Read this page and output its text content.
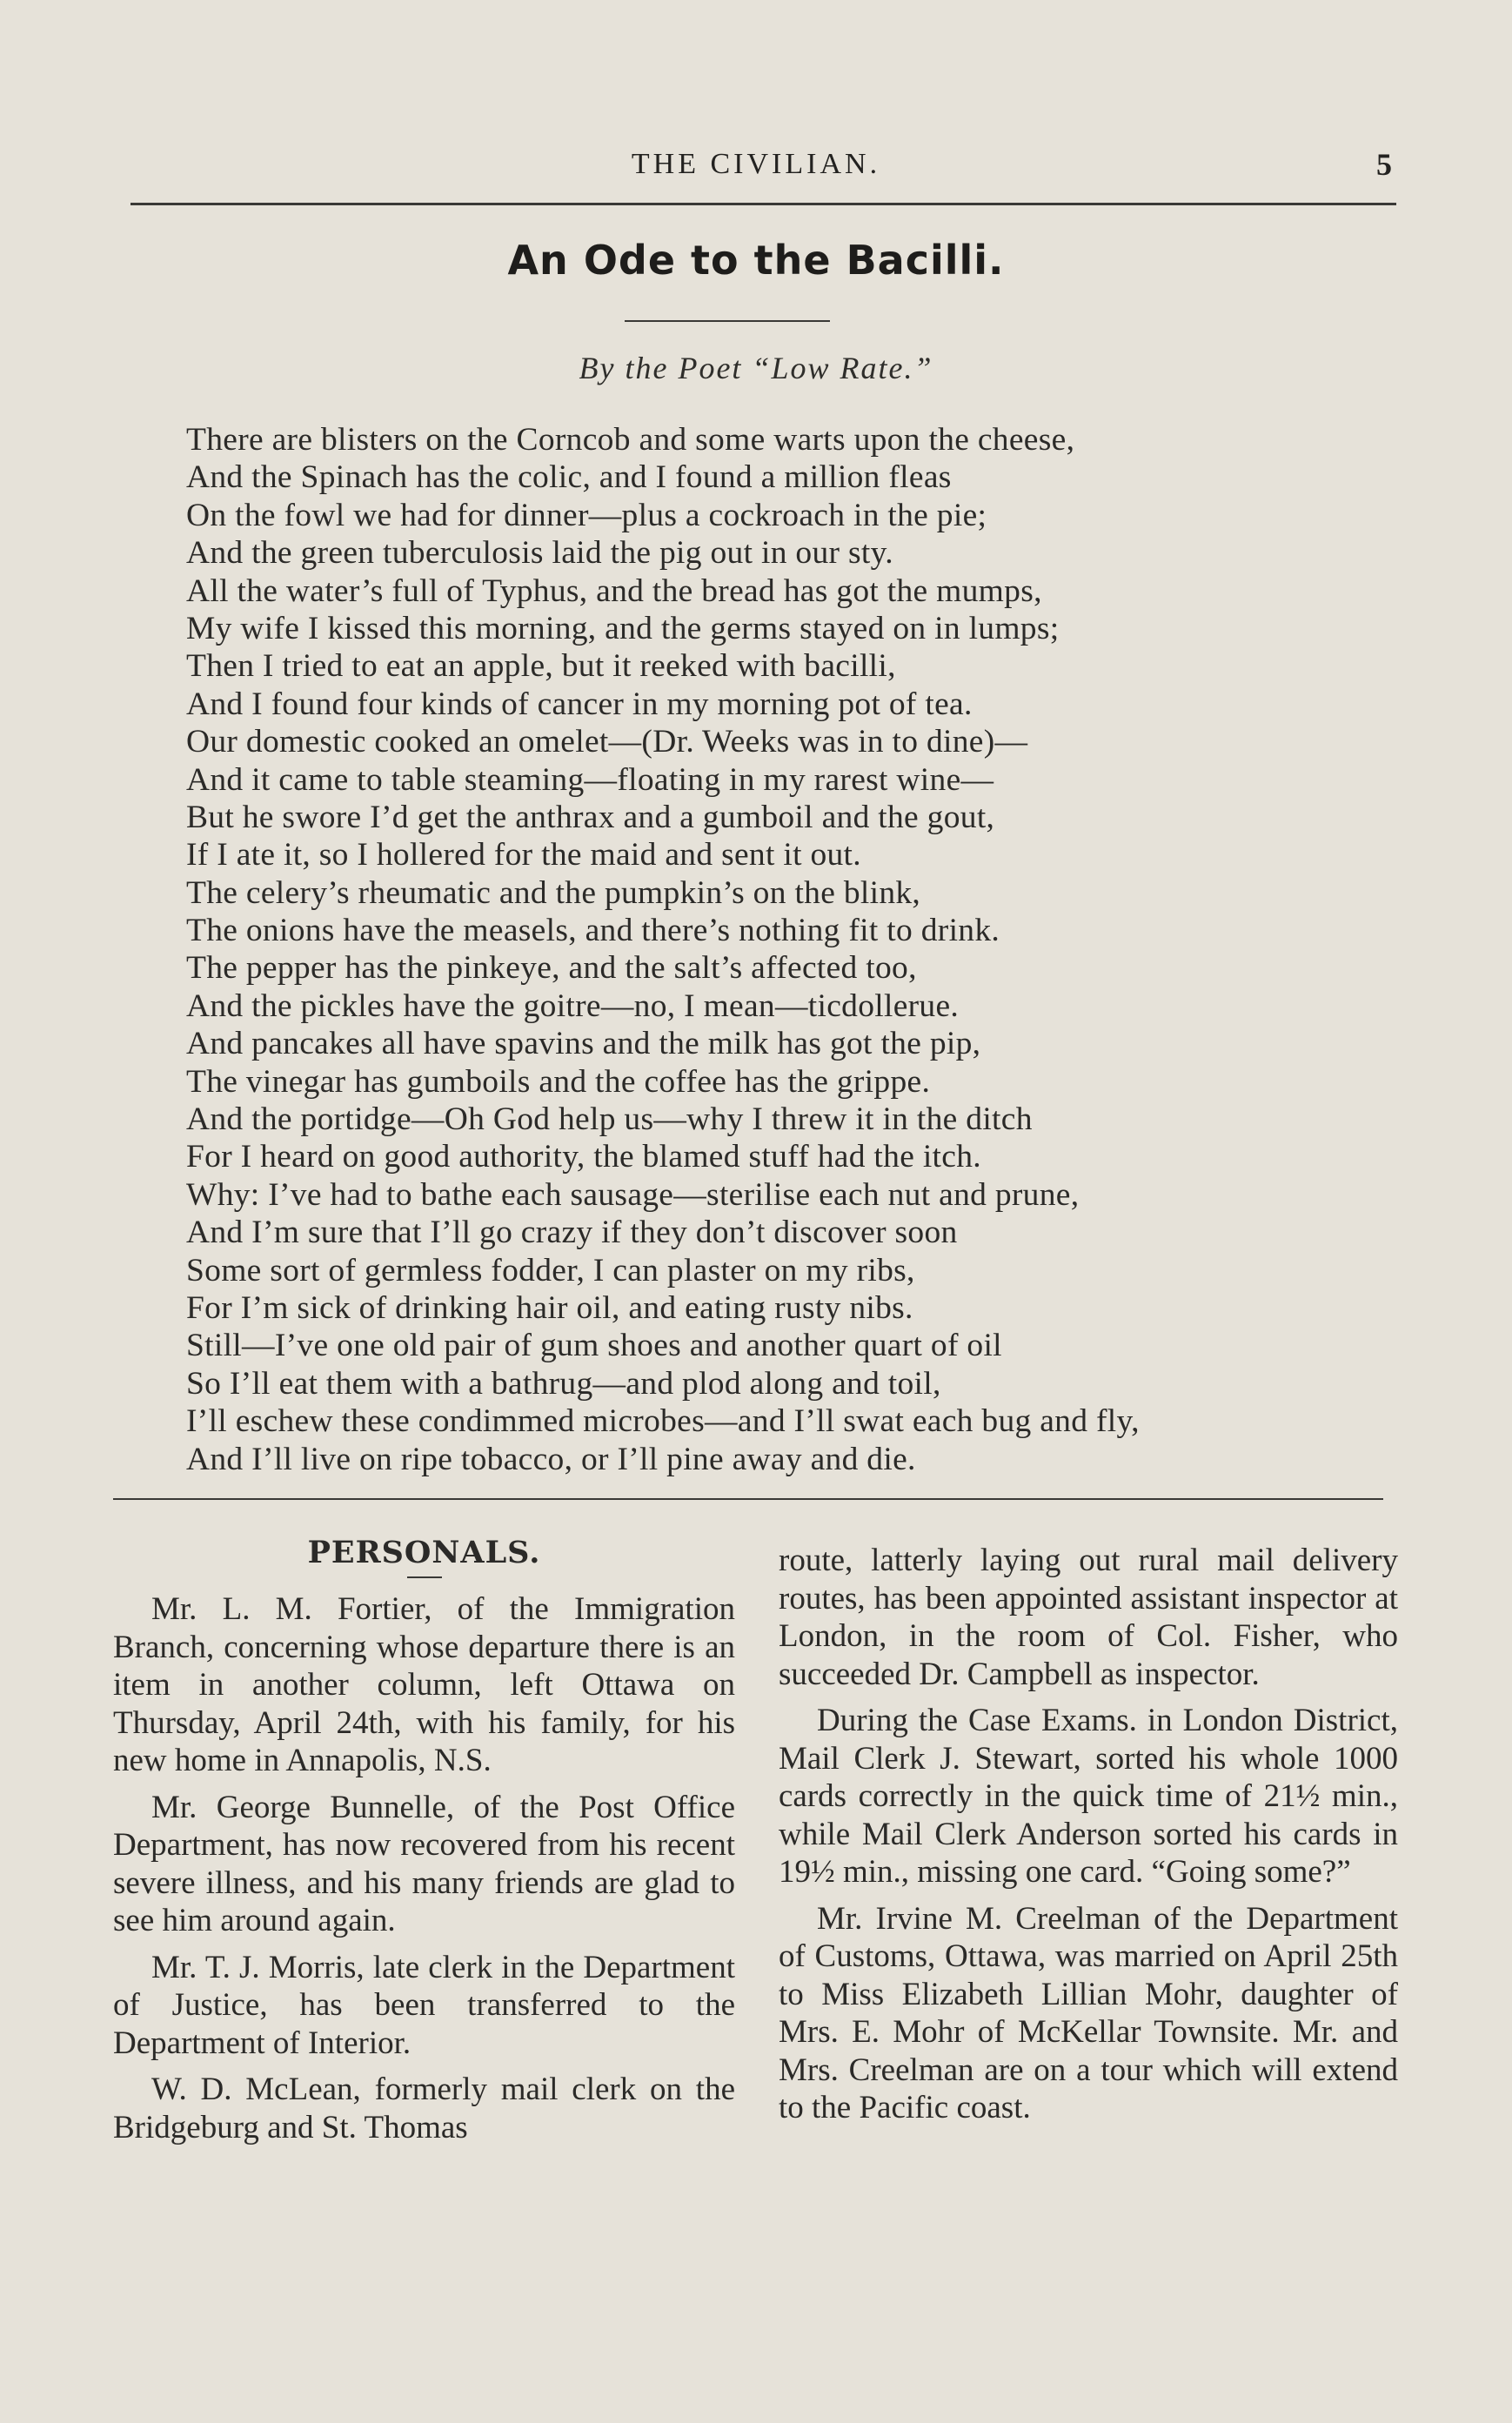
THE CIVILIAN.	5
An Ode to the Bacilli.
By the Poet “Low Rate.”
There are blisters on the Corncob and some warts upon the cheese,
And the Spinach has the colic, and I found a million fleas
On the fowl we had for dinner—plus a cockroach in the pie;
And the green tuberculosis laid the pig out in our sty.
All the water’s full of Typhus, and the bread has got the mumps,
My wife I kissed this morning, and the germs stayed on in lumps;
Then I tried to eat an apple, but it reeked with bacilli,
And I found four kinds of cancer in my morning pot of tea.
Our domestic cooked an omelet—(Dr. Weeks was in to dine)—
And it came to table steaming—floating in my rarest wine—
But he swore I’d get the anthrax and a gumboil and the gout,
If I ate it, so I hollered for the maid and sent it out.
The celery’s rheumatic and the pumpkin’s on the blink,
The onions have the measels, and there’s nothing fit to drink.
The pepper has the pinkeye, and the salt’s affected too,
And the pickles have the goitre—no, I mean—ticdollerue.
And pancakes all have spavins and the milk has got the pip,
The vinegar has gumboils and the coffee has the grippe.
And the portidge—Oh God help us—why I threw it in the ditch
For I heard on good authority, the blamed stuff had the itch.
Why: I’ve had to bathe each sausage—sterilise each nut and prune,
And I’m sure that I’ll go crazy if they don’t discover soon
Some sort of germless fodder, I can plaster on my ribs,
For I’m sick of drinking hair oil, and eating rusty nibs.
Still—I’ve one old pair of gum shoes and another quart of oil
So I’ll eat them with a bathrug—and plod along and toil,
I’ll eschew these condimmed microbes—and I’ll swat each bug and fly,
And I’ll live on ripe tobacco, or I’ll pine away and die.
PERSONALS.

Mr. L. M. Fortier, of the Immigration Branch, concerning whose departure there is an item in another column, left Ottawa on Thursday, April 24th, with his family, for his new home in Annapolis, N.S.

Mr. George Bunnelle, of the Post Office Department, has now recovered from his recent severe illness, and his many friends are glad to see him around again.

Mr. T. J. Morris, late clerk in the Department of Justice, has been transferred to the Department of Interior.

W. D. McLean, formerly mail clerk on the Bridgeburg and St. Thomas

route, latterly laying out rural mail delivery routes, has been appointed assistant inspector at London, in the room of Col. Fisher, who succeeded Dr. Campbell as inspector.

During the Case Exams. in London District, Mail Clerk J. Stewart, sorted his whole 1000 cards correctly in the quick time of 21½ min., while Mail Clerk Anderson sorted his cards in 19½ min., missing one card. “Going some?”

Mr. Irvine M. Creelman of the Department of Customs, Ottawa, was married on April 25th to Miss Elizabeth Lillian Mohr, daughter of Mrs. E. Mohr of McKellar Townsite. Mr. and Mrs. Creelman are on a tour which will extend to the Pacific coast.
